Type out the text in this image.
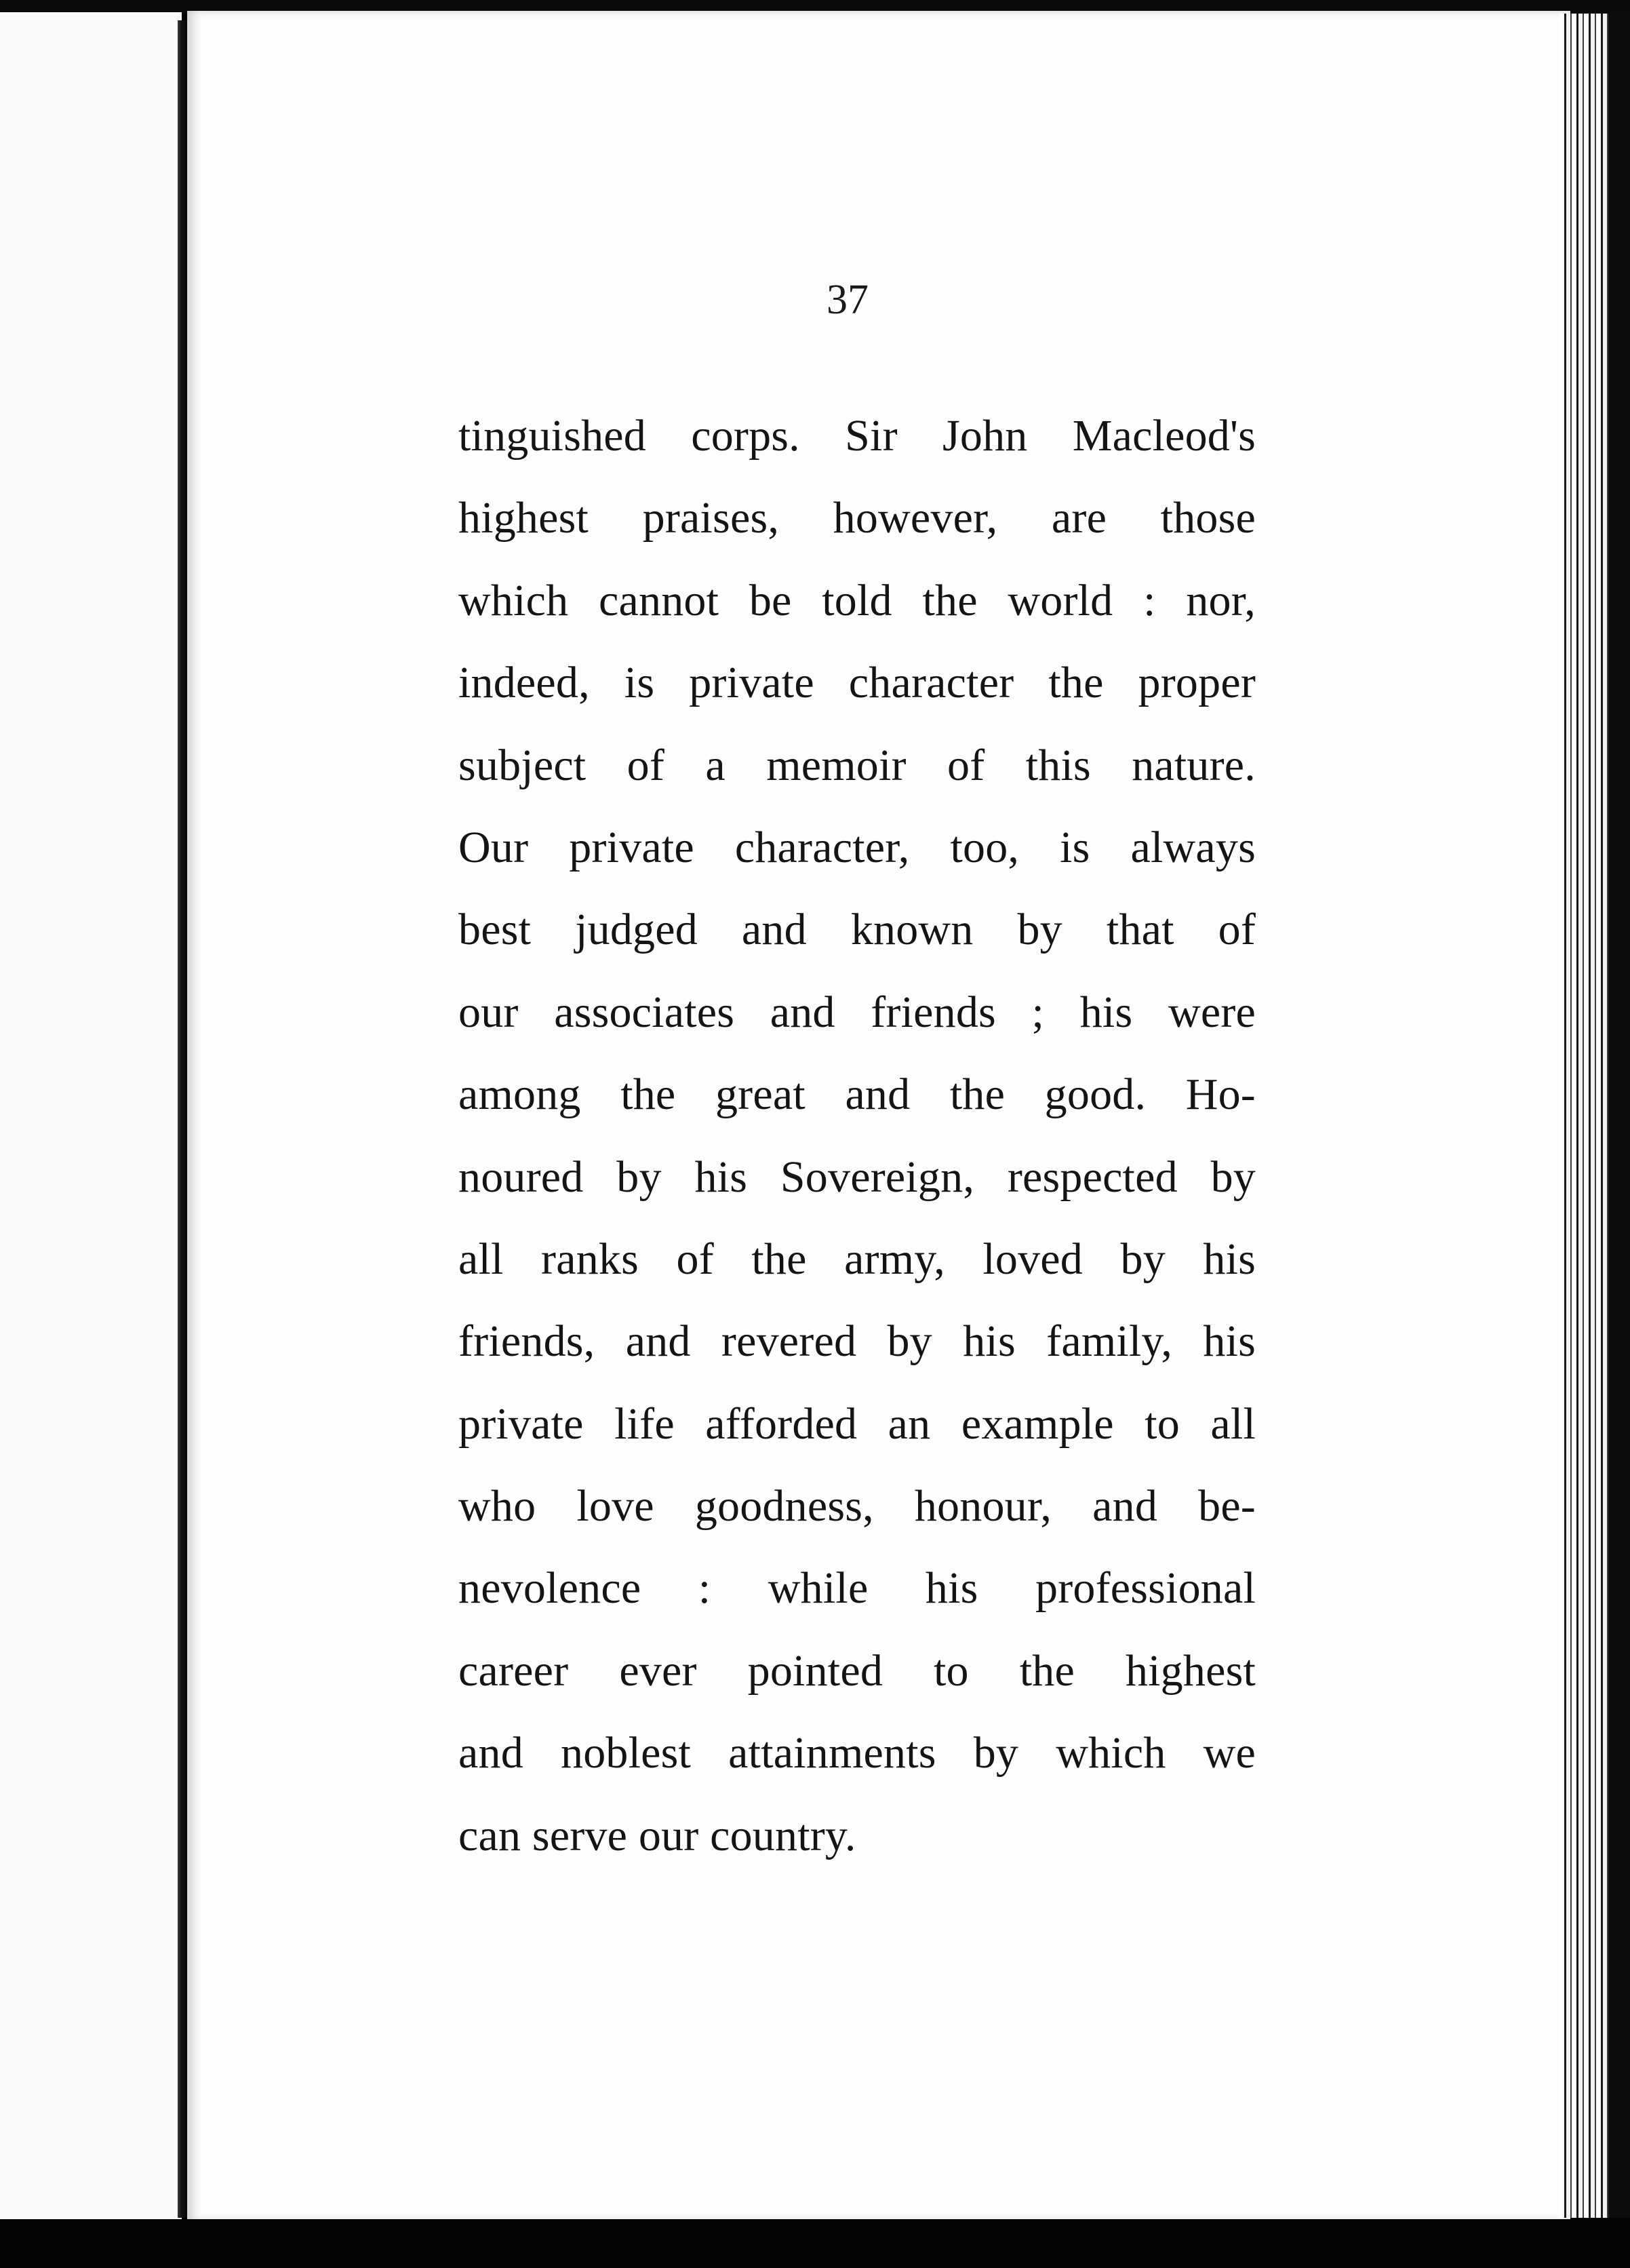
37

tinguished corps. Sir John Macleod's
highest praises, however, are those
which cannot be told the world : nor,
indeed, is private character the proper
subject of a memoir of this nature.
Our private character, too, is always
best judged and known by that of
our associates and friends ; his were
among the great and the good. Ho-
noured by his Sovereign, respected by
all ranks of the army, loved by his
friends, and revered by his family, his
private life afforded an example to all
who love goodness, honour, and be-
nevolence : while his professional
career ever pointed to the highest
and noblest attainments by which we
can serve our country.
